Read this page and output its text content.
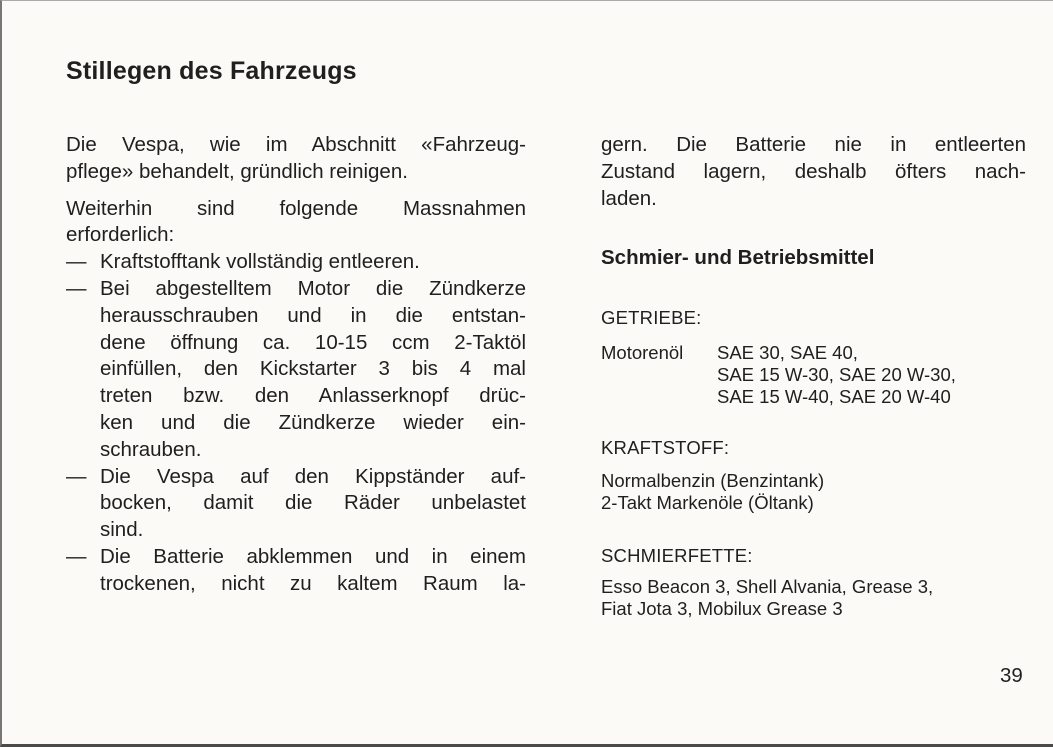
Stillegen des Fahrzeugs

Die Vespa, wie im Abschnitt «Fahrzeug-
pflege» behandelt, gründlich reinigen.

Weiterhin sind folgende Massnahmen
erforderlich:

— Kraftstofftank vollständig entleeren.
— Bei abgestelltem Motor die Zündkerze
herausschrauben und in die entstan-
dene öffnung ca. 10-15 ccm 2-Taktöl
einfüllen, den Kickstarter 3 bis 4 mal
treten bzw. den Anlasserknopf drüc-
ken und die Zündkerze wieder ein-
schrauben.
— Die Vespa auf den Kippständer auf-
bocken, damit die Räder unbelastet
sind.
— Die Batterie abklemmen und in einem
trockenen, nicht zu kaltem Raum la-

gern. Die Batterie nie in entleerten
Zustand lagern, deshalb öfters nach-
laden.

Schmier- und Betriebsmittel
GETRIEBE:
Motorenöl SAE 30, SAE 40,
SAE 15 W-30, SAE 20 W-30,
SAE 15 W-40, SAE 20 W-40
KRAFTSTOFF:
Normalbenzin (Benzintank)
2-Takt Markenöle (Öltank)
SCHMIERFETTE:
Esso Beacon 3, Shell Alvania, Grease 3,
Fiat Jota 3, Mobilux Grease 3
39
